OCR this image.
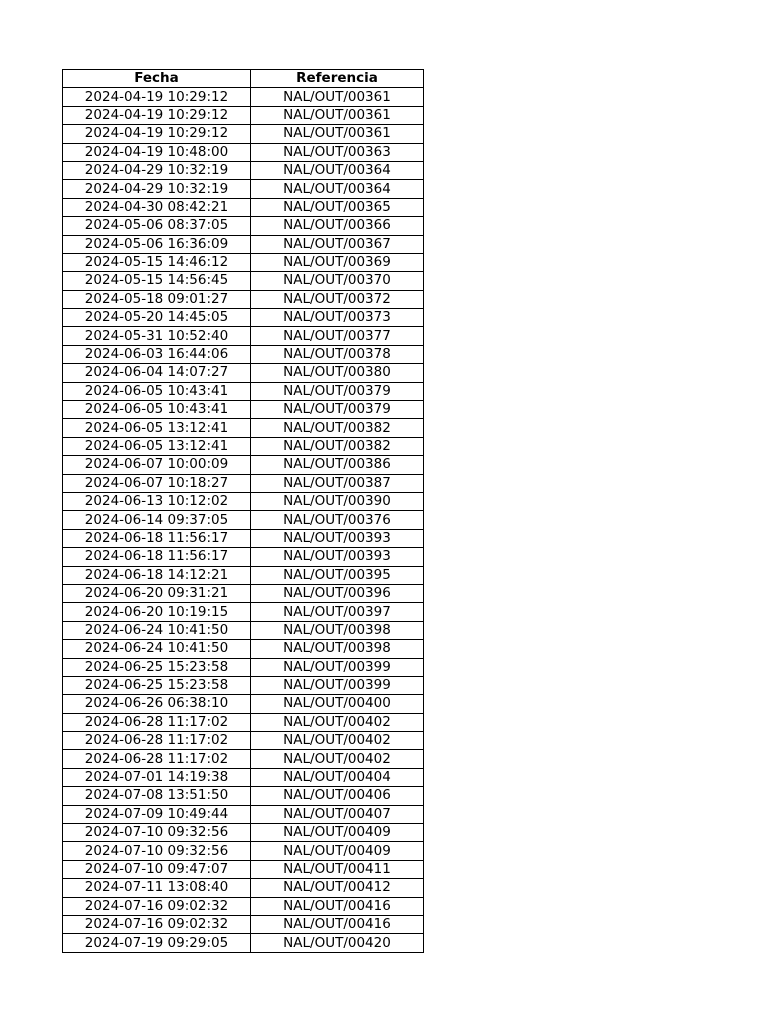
Fecha	Referencia
2024-04-19 10:29:12	NAL/OUT/00361
2024-04-19 10:29:12	NAL/OUT/00361
2024-04-19 10:29:12	NAL/OUT/00361
2024-04-19 10:48:00	NAL/OUT/00363
2024-04-29 10:32:19	NAL/OUT/00364
2024-04-29 10:32:19	NAL/OUT/00364
2024-04-30 08:42:21	NAL/OUT/00365
2024-05-06 08:37:05	NAL/OUT/00366
2024-05-06 16:36:09	NAL/OUT/00367
2024-05-15 14:46:12	NAL/OUT/00369
2024-05-15 14:56:45	NAL/OUT/00370
2024-05-18 09:01:27	NAL/OUT/00372
2024-05-20 14:45:05	NAL/OUT/00373
2024-05-31 10:52:40	NAL/OUT/00377
2024-06-03 16:44:06	NAL/OUT/00378
2024-06-04 14:07:27	NAL/OUT/00380
2024-06-05 10:43:41	NAL/OUT/00379
2024-06-05 10:43:41	NAL/OUT/00379
2024-06-05 13:12:41	NAL/OUT/00382
2024-06-05 13:12:41	NAL/OUT/00382
2024-06-07 10:00:09	NAL/OUT/00386
2024-06-07 10:18:27	NAL/OUT/00387
2024-06-13 10:12:02	NAL/OUT/00390
2024-06-14 09:37:05	NAL/OUT/00376
2024-06-18 11:56:17	NAL/OUT/00393
2024-06-18 11:56:17	NAL/OUT/00393
2024-06-18 14:12:21	NAL/OUT/00395
2024-06-20 09:31:21	NAL/OUT/00396
2024-06-20 10:19:15	NAL/OUT/00397
2024-06-24 10:41:50	NAL/OUT/00398
2024-06-24 10:41:50	NAL/OUT/00398
2024-06-25 15:23:58	NAL/OUT/00399
2024-06-25 15:23:58	NAL/OUT/00399
2024-06-26 06:38:10	NAL/OUT/00400
2024-06-28 11:17:02	NAL/OUT/00402
2024-06-28 11:17:02	NAL/OUT/00402
2024-06-28 11:17:02	NAL/OUT/00402
2024-07-01 14:19:38	NAL/OUT/00404
2024-07-08 13:51:50	NAL/OUT/00406
2024-07-09 10:49:44	NAL/OUT/00407
2024-07-10 09:32:56	NAL/OUT/00409
2024-07-10 09:32:56	NAL/OUT/00409
2024-07-10 09:47:07	NAL/OUT/00411
2024-07-11 13:08:40	NAL/OUT/00412
2024-07-16 09:02:32	NAL/OUT/00416
2024-07-16 09:02:32	NAL/OUT/00416
2024-07-19 09:29:05	NAL/OUT/00420
